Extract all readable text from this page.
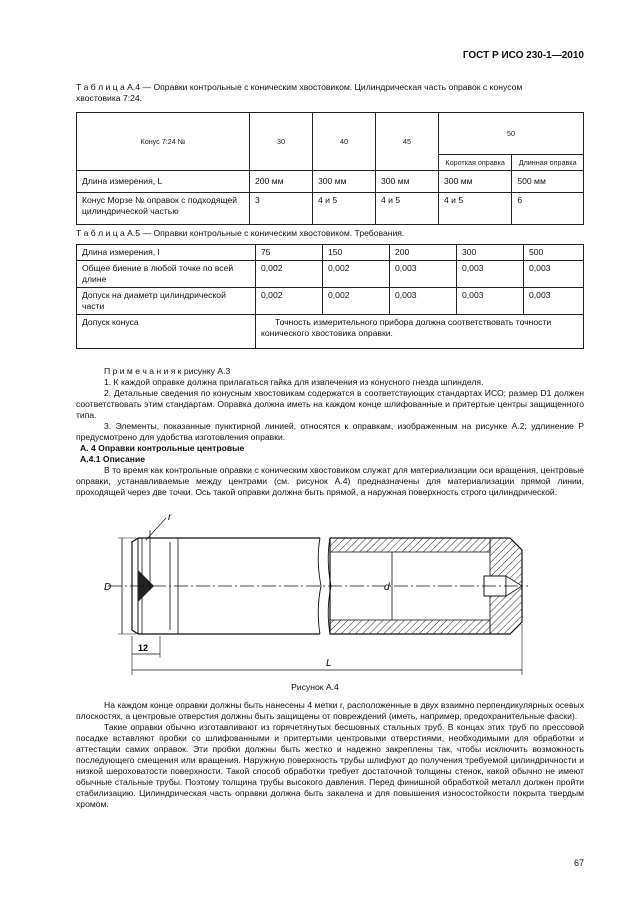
ГОСТ Р ИСО 230-1—2010
Т а б л и ц а А.4 — Оправки контрольные с коническим хвостовиком. Цилиндрическая часть оправок с конусом
хвостовика 7:24.
Конус 7:24 №	30	40	45	50	
				Короткая оправка	Длинная оправка
Длина измерения, L	200 мм	300 мм	300 мм	300 мм	500 мм
Конус Морзе № оправок с подходящей цилиндрической частью	3	4 и 5	4 и 5	4 и 5	6
Т а б л и ц а А.5 — Оправки контрольные с коническим хвостовиком. Требования.
Длина измерения, l	75	150	200	300	500
Общее биение в любой точке по всей длине	0,002	0,002	0,003	0,003	0,003
Допуск на диаметр цилиндрической части	0,002	0,002	0,003	0,003	0,003
Допуск конуса	Точность измерительного прибора должна соответствовать точности конического хвостовика оправки.				
П р и м е ч а н и я к рисунку А.3
1. К каждой оправке должна прилагаться гайка для извлечения из конусного гнезда шпинделя.
2. Детальные сведения по конусным хвостовикам содержатся в соответствующих стандартах ИСО; размер D1 должен соответствовать этим стандартам. Оправка должна иметь на каждом конце шлифованные и притертые центры защищенного типа.
3. Элементы, показанные пунктирной линией, относятся к оправкам, изображенным на рисунке А.2; удлинение P предусмотрено для удобства изготовления оправки.
А. 4 Оправки контрольные центровые
А.4.1 Описание
В то время как контрольные оправки с коническим хвостовиком служат для материализации оси вращения, центровые оправки, устанавливаемые между центрами (см. рисунок А.4) предназначены для материализации прямой линии, проходящей через две точки. Ось такой оправки должна быть прямой, а наружная поверхность строго цилиндрической.
D	d
r
L
12
Рисунок А.4
На каждом конце оправки должны быть нанесены 4 метки r, расположенные в двух взаимно перпендикулярных осевых плоскостях, а центровые отверстия должны быть защищены от повреждений (иметь, например, предохранительные фаски).
Такие оправки обычно изготавливают из горячетянутых бесшовных стальных труб. В концах этих труб по прессовой посадке вставляют пробки со шлифованными и притертыми центровыми отверстиями, необходимыми для обработки и аттестации самих оправок. Эти пробки должны быть жестко и надежно закреплены так, чтобы исключить возможность последующего смещения или вращения. Наружную поверхность трубы шлифуют до получения требуемой цилиндричности и низкой шероховатости поверхности. Такой способ обработки требует достаточной толщины стенок, какой обычно не имеют обычные стальные трубы. Поэтому толщина трубы высокого давления. Перед финишной обработкой металл должен пройти стабилизацию. Цилиндрическая часть оправки должна быть закалена и для повышения износостойкости покрыта твердым хромом.
67
